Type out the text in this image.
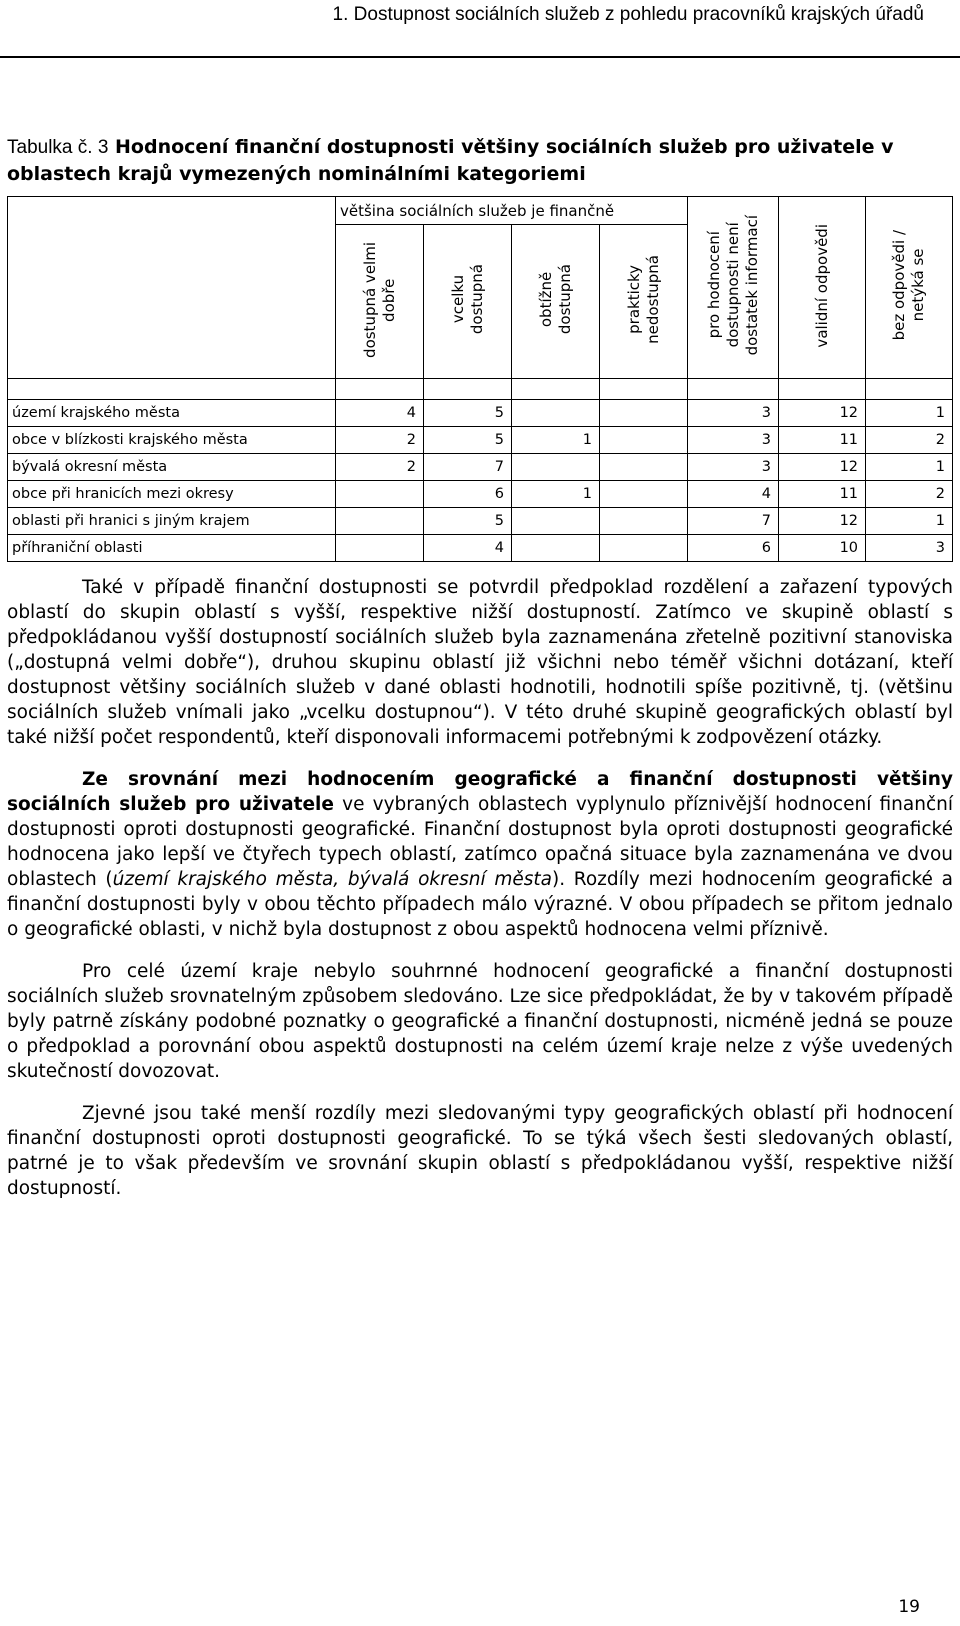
1. Dostupnost sociálních služeb z pohledu pracovníků krajských úřadů
Tabulka č. 3 Hodnocení finanční dostupnosti většiny sociálních služeb pro uživatele v oblastech krajů vymezených nominálními kategoriemi
	většina sociálních služeb je finančně				pro hodnocení
dostupnosti není
dostatek informací	validní odpovědi	bez odpovědi /
netýká se
	dostupná velmi
dobře	vcelku
dostupná	obtížně
dostupná	prakticky
nedostupná			

území krajského města	4	5			3	12	1
obce v blízkosti krajského města	2	5	1		3	11	2
bývalá okresní města	2	7			3	12	1
obce při hranicích mezi okresy		6	1		4	11	2
oblasti při hranici s jiným krajem		5			7	12	1
příhraniční oblasti		4			6	10	3

Také v případě finanční dostupnosti se potvrdil předpoklad rozdělení a zařazení typových oblastí do skupin oblastí s vyšší, respektive nižší dostupností. Zatímco ve skupině oblastí s předpokládanou vyšší dostupností sociálních služeb byla zaznamenána zřetelně pozitivní stanoviska („dostupná velmi dobře“), druhou skupinu oblastí již všichni nebo téměř všichni dotázaní, kteří dostupnost většiny sociálních služeb v dané oblasti hodnotili, hodnotili spíše pozitivně, tj. (většinu sociálních služeb vnímali jako „vcelku dostupnou“). V této druhé skupině geografických oblastí byl také nižší počet respondentů, kteří disponovali informacemi potřebnými k zodpovězení otázky.

Ze srovnání mezi hodnocením geografické a finanční dostupnosti většiny sociálních služeb pro uživatele ve vybraných oblastech vyplynulo příznivější hodnocení finanční dostupnosti oproti dostupnosti geografické. Finanční dostupnost byla oproti dostupnosti geografické hodnocena jako lepší ve čtyřech typech oblastí, zatímco opačná situace byla zaznamenána ve dvou oblastech (území krajského města, bývalá okresní města). Rozdíly mezi hodnocením geografické a finanční dostupnosti byly v obou těchto případech málo výrazné. V obou případech se přitom jednalo o geografické oblasti, v nichž byla dostupnost z obou aspektů hodnocena velmi příznivě.

Pro celé území kraje nebylo souhrnné hodnocení geografické a finanční dostupnosti sociálních služeb srovnatelným způsobem sledováno. Lze sice předpokládat, že by v takovém případě byly patrně získány podobné poznatky o geografické a finanční dostupnosti, nicméně jedná se pouze o předpoklad a porovnání obou aspektů dostupnosti na celém území kraje nelze z výše uvedených skutečností dovozovat.

Zjevné jsou také menší rozdíly mezi sledovanými typy geografických oblastí při hodnocení finanční dostupnosti oproti dostupnosti geografické. To se týká všech šesti sledovaných oblastí, patrné je to však především ve srovnání skupin oblastí s předpokládanou vyšší, respektive nižší dostupností.

19
